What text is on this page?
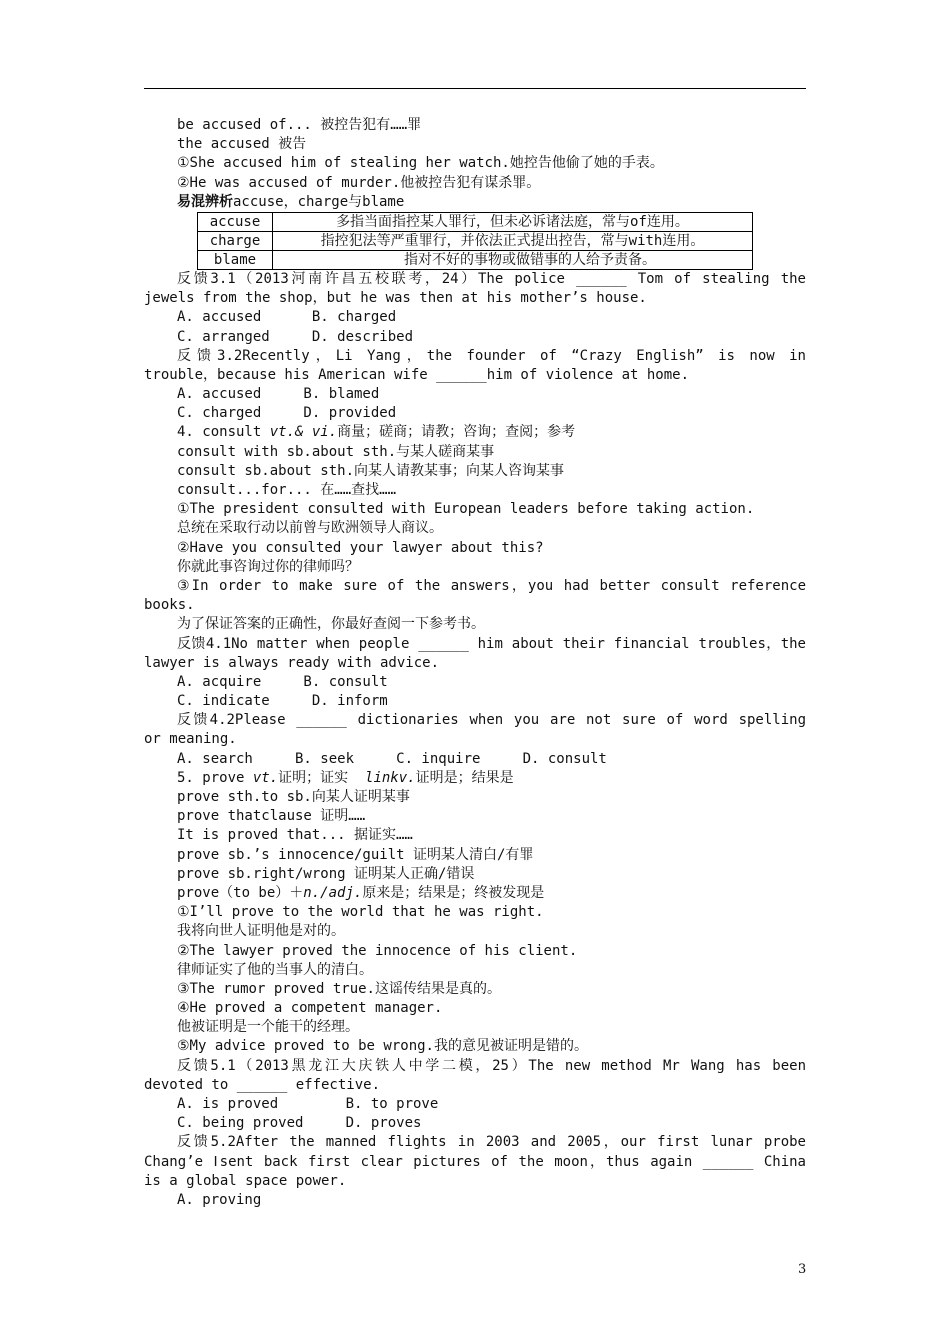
be accused of... 被控告犯有……罪
the accused 被告
①She accused him of stealing her watch.她控告他偷了她的手表。
②He was accused of murder.他被控告犯有谋杀罪。
易混辨析accuse，charge与blame
accuse	多指当面指控某人罪行，但未必诉诸法庭，常与of连用。
charge	指控犯法等严重罪行，并依法正式提出控告，常与with连用。
blame	指对不好的事物或做错事的人给予责备。
反馈3.1（2013河南许昌五校联考，24）The police ______ Tom of stealing the
jewels from the shop，but he was then at his mother’s house.
A. accused      B. charged
C. arranged     D. described
反馈3.2Recently，Li Yang，the founder of “Crazy English” is now in
trouble，because his American wife ______him of violence at home.
A. accused     B. blamed
C. charged     D. provided
4. consult vt.& vi.商量；磋商；请教；咨询；查阅；参考
consult with sb.about sth.与某人磋商某事
consult sb.about sth.向某人请教某事；向某人咨询某事
consult...for... 在……查找……
①The president consulted with European leaders before taking action.
总统在采取行动以前曾与欧洲领导人商议。
②Have you consulted your lawyer about this?
你就此事咨询过你的律师吗？
③In order to make sure of the answers，you had better consult reference
books.
为了保证答案的正确性，你最好查阅一下参考书。
反馈4.1No matter when people ______ him about their financial troubles，the
lawyer is always ready with advice.
A. acquire     B. consult
C. indicate     D. inform
反馈4.2Please ______ dictionaries when you are not sure of word spelling
or meaning.
A. search     B. seek     C. inquire     D. consult
5. prove vt.证明；证实  linkv.证明是；结果是
prove sth.to sb.向某人证明某事
prove thatclause 证明……
It is proved that... 据证实……
prove sb.’s innocence/guilt 证明某人清白/有罪
prove sb.right/wrong 证明某人正确/错误
prove（to be）＋n./adj.原来是；结果是；终被发现是
①I’ll prove to the world that he was right.
我将向世人证明他是对的。
②The lawyer proved the innocence of his client.
律师证实了他的当事人的清白。
③The rumor proved true.这谣传结果是真的。
④He proved a competent manager.
他被证明是一个能干的经理。
⑤My advice proved to be wrong.我的意见被证明是错的。
反馈5.1（2013黑龙江大庆铁人中学二模，25）The new method Mr Wang has been
devoted to ______ effective.
A. is proved        B. to prove
C. being proved     D. proves
反馈5.2After the manned flights in 2003 and 2005，our first lunar probe
Chang’e Ⅰsent back first clear pictures of the moon，thus again ______ China
is a global space power.
A. proving
3
